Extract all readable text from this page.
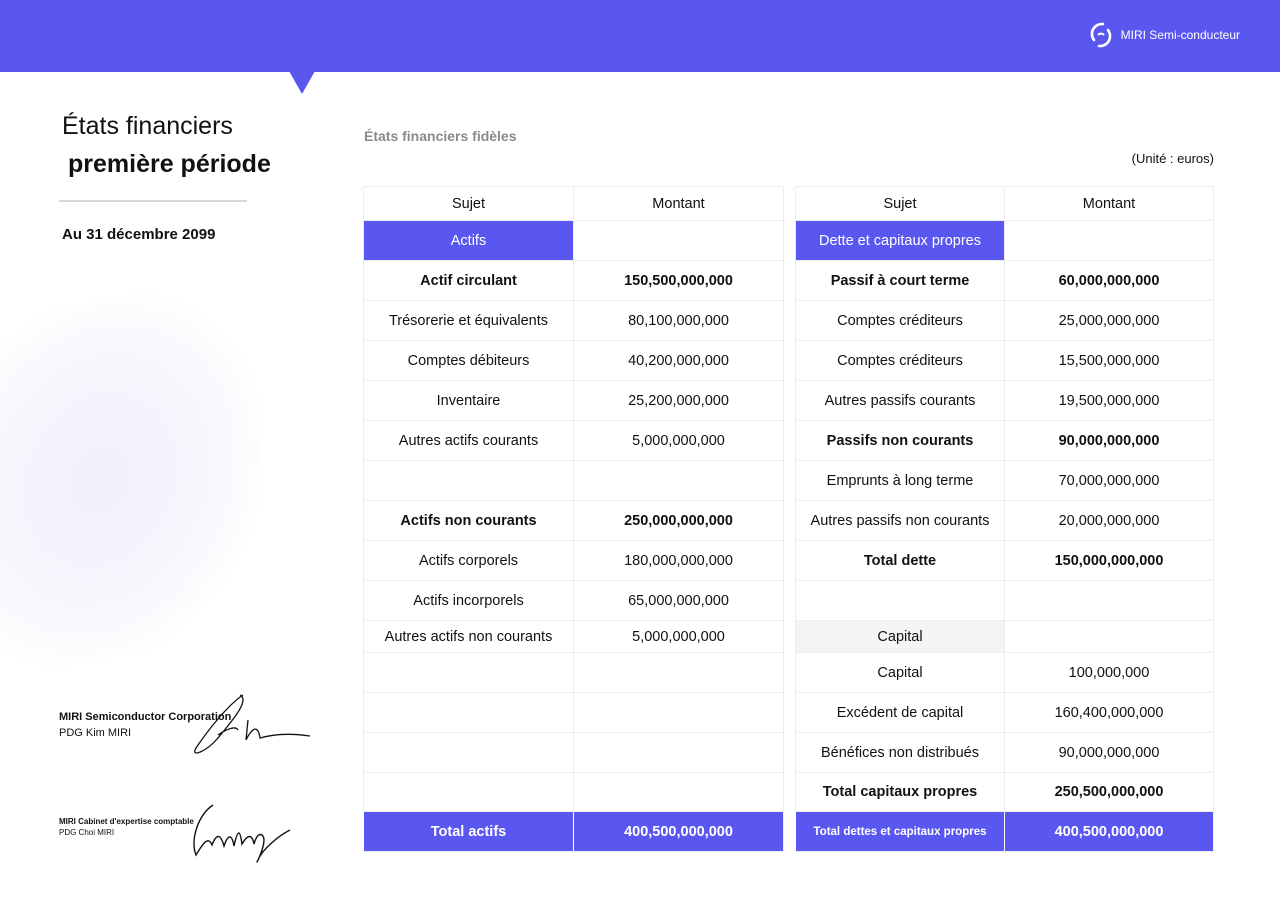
MIRI Semi-conducteur
États financiers
première période
Au 31 décembre 2099
MIRI Semiconductor Corporation
PDG Kim MIRI
MIRI Cabinet d'expertise comptable
PDG Choi MIRI
États financiers fidèles
(Unité : euros)
Sujet	Montant
Actifs
Actif circulant	150,500,000,000
Trésorerie et équivalents	80,100,000,000
Comptes débiteurs	40,200,000,000
Inventaire	25,200,000,000
Autres actifs courants	5,000,000,000
Actifs non courants	250,000,000,000
Actifs corporels	180,000,000,000
Actifs incorporels	65,000,000,000
Autres actifs non courants	5,000,000,000
Total actifs	400,500,000,000
Sujet	Montant
Dette et capitaux propres
Passif à court terme	60,000,000,000
Comptes créditeurs	25,000,000,000
Comptes créditeurs	15,500,000,000
Autres passifs courants	19,500,000,000
Passifs non courants	90,000,000,000
Emprunts à long terme	70,000,000,000
Autres passifs non courants	20,000,000,000
Total dette	150,000,000,000
Capital
Capital	100,000,000
Excédent de capital	160,400,000,000
Bénéfices non distribués	90,000,000,000
Total capitaux propres	250,500,000,000
Total dettes et capitaux propres	400,500,000,000
